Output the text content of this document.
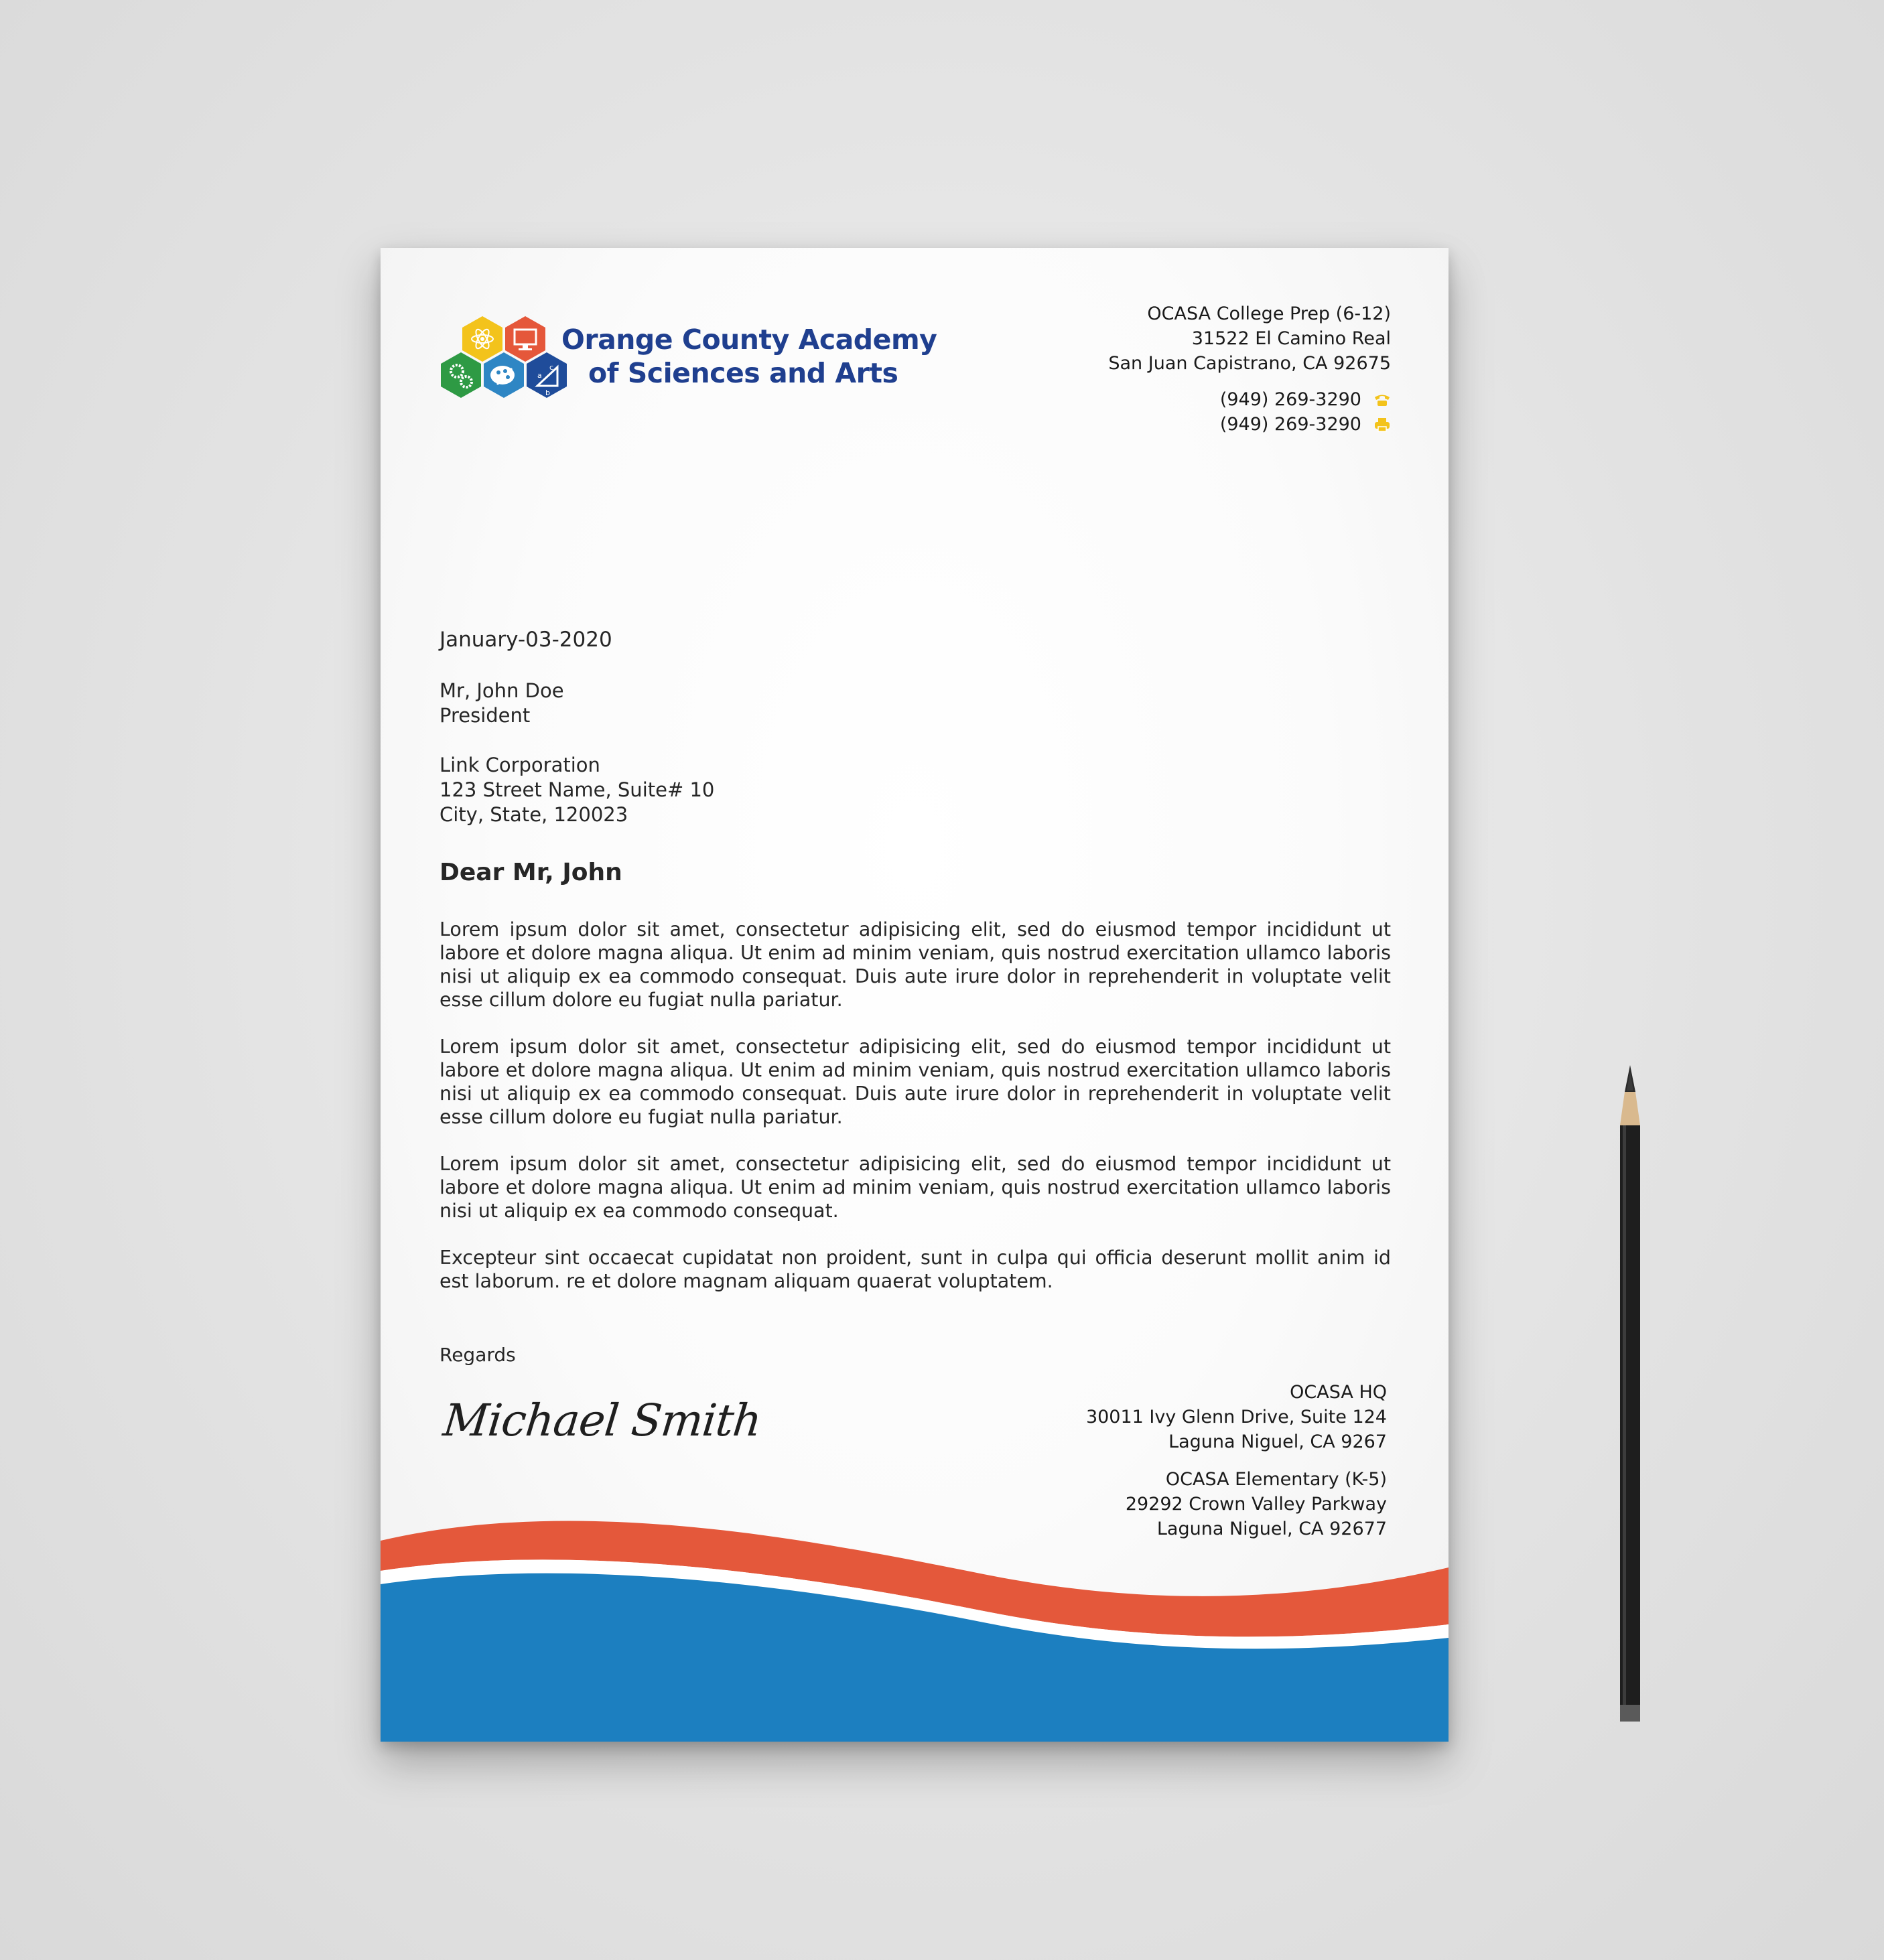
a
c
b
Orange County Academy
of Sciences and Arts
OCASA College Prep (6-12)
31522 El Camino Real
San Juan Capistrano, CA 92675
(949) 269-3290
(949) 269-3290
January-03-2020
Mr, John Doe
President
Link Corporation
123 Street Name, Suite# 10
City, State, 120023
Dear Mr, John

Lorem ipsum dolor sit amet, consectetur adipisicing elit, sed do eiusmod tempor incididunt ut labore et dolore magna aliqua. Ut enim ad minim veniam, quis nostrud exercitation ullamco laboris nisi ut aliquip ex ea commodo consequat. Duis aute irure dolor in reprehenderit in voluptate velit esse cillum dolore eu fugiat nulla pariatur.

Lorem ipsum dolor sit amet, consectetur adipisicing elit, sed do eiusmod tempor incididunt ut labore et dolore magna aliqua. Ut enim ad minim veniam, quis nostrud exercitation ullamco laboris nisi ut aliquip ex ea commodo consequat. Duis aute irure dolor in reprehenderit in voluptate velit esse cillum dolore eu fugiat nulla pariatur.

Lorem ipsum dolor sit amet, consectetur adipisicing elit, sed do eiusmod tempor incididunt ut labore et dolore magna aliqua. Ut enim ad minim veniam, quis nostrud exercitation ullamco laboris nisi ut aliquip ex ea commodo consequat.

Excepteur sint occaecat cupidatat non proident, sunt in culpa qui officia deserunt mollit anim id est laborum. re et dolore magnam aliquam quaerat voluptatem.

Regards
Michael Smith
OCASA HQ
30011 Ivy Glenn Drive, Suite 124
Laguna Niguel, CA 9267
OCASA Elementary (K-5)
29292 Crown Valley Parkway
Laguna Niguel, CA 92677
